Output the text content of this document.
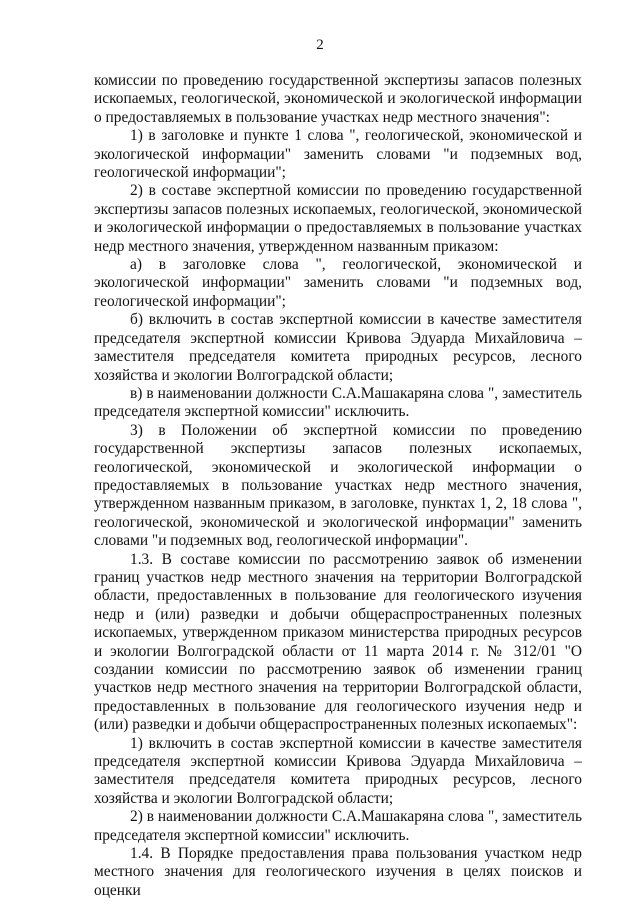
2

комиссии по проведению государственной экспертизы запасов полезных ископаемых, геологической, экономической и экологической информации о предоставляемых в пользование участках недр местного значения":

1) в заголовке и пункте 1 слова ", геологической, экономической и экологической информации" заменить словами "и подземных вод, геологической информации";

2) в составе экспертной комиссии по проведению государственной экспертизы запасов полезных ископаемых, геологической, экономической и экологической информации о предоставляемых в пользование участках недр местного значения, утвержденном названным приказом:

а) в заголовке слова ", геологической, экономической и экологической информации" заменить словами "и подземных вод, геологической информации";

б) включить в состав экспертной комиссии в качестве заместителя председателя экспертной комиссии Кривова Эдуарда Михайловича – заместителя председателя комитета природных ресурсов, лесного хозяйства и экологии Волгоградской области;

в) в наименовании должности С.А.Машакаряна слова ", заместитель председателя экспертной комиссии" исключить.

3) в Положении об экспертной комиссии по проведению государственной экспертизы запасов полезных ископаемых, геологической, экономической и экологической информации о предоставляемых в пользование участках недр местного значения, утвержденном названным приказом, в заголовке, пунктах 1, 2, 18 слова ", геологической, экономической и экологической информации" заменить словами "и подземных вод, геологической информации".

1.3. В составе комиссии по рассмотрению заявок об изменении границ участков недр местного значения на территории Волгоградской области, предоставленных в пользование для геологического изучения недр и (или) разведки и добычи общераспространенных полезных ископаемых, утвержденном приказом министерства природных ресурсов и экологии Волгоградской области от 11 марта 2014 г. № 312/01 "О создании комиссии по рассмотрению заявок об изменении границ участков недр местного значения на территории Волгоградской области, предоставленных в пользование для геологического изучения недр и (или) разведки и добычи общераспространенных полезных ископаемых":

1) включить в состав экспертной комиссии в качестве заместителя председателя экспертной комиссии Кривова Эдуарда Михайловича – заместителя председателя комитета природных ресурсов, лесного хозяйства и экологии Волгоградской области;

2) в наименовании должности С.А.Машакаряна слова ", заместитель председателя экспертной комиссии" исключить.

1.4. В Порядке предоставления права пользования участком недр местного значения для геологического изучения в целях поисков и оценки
